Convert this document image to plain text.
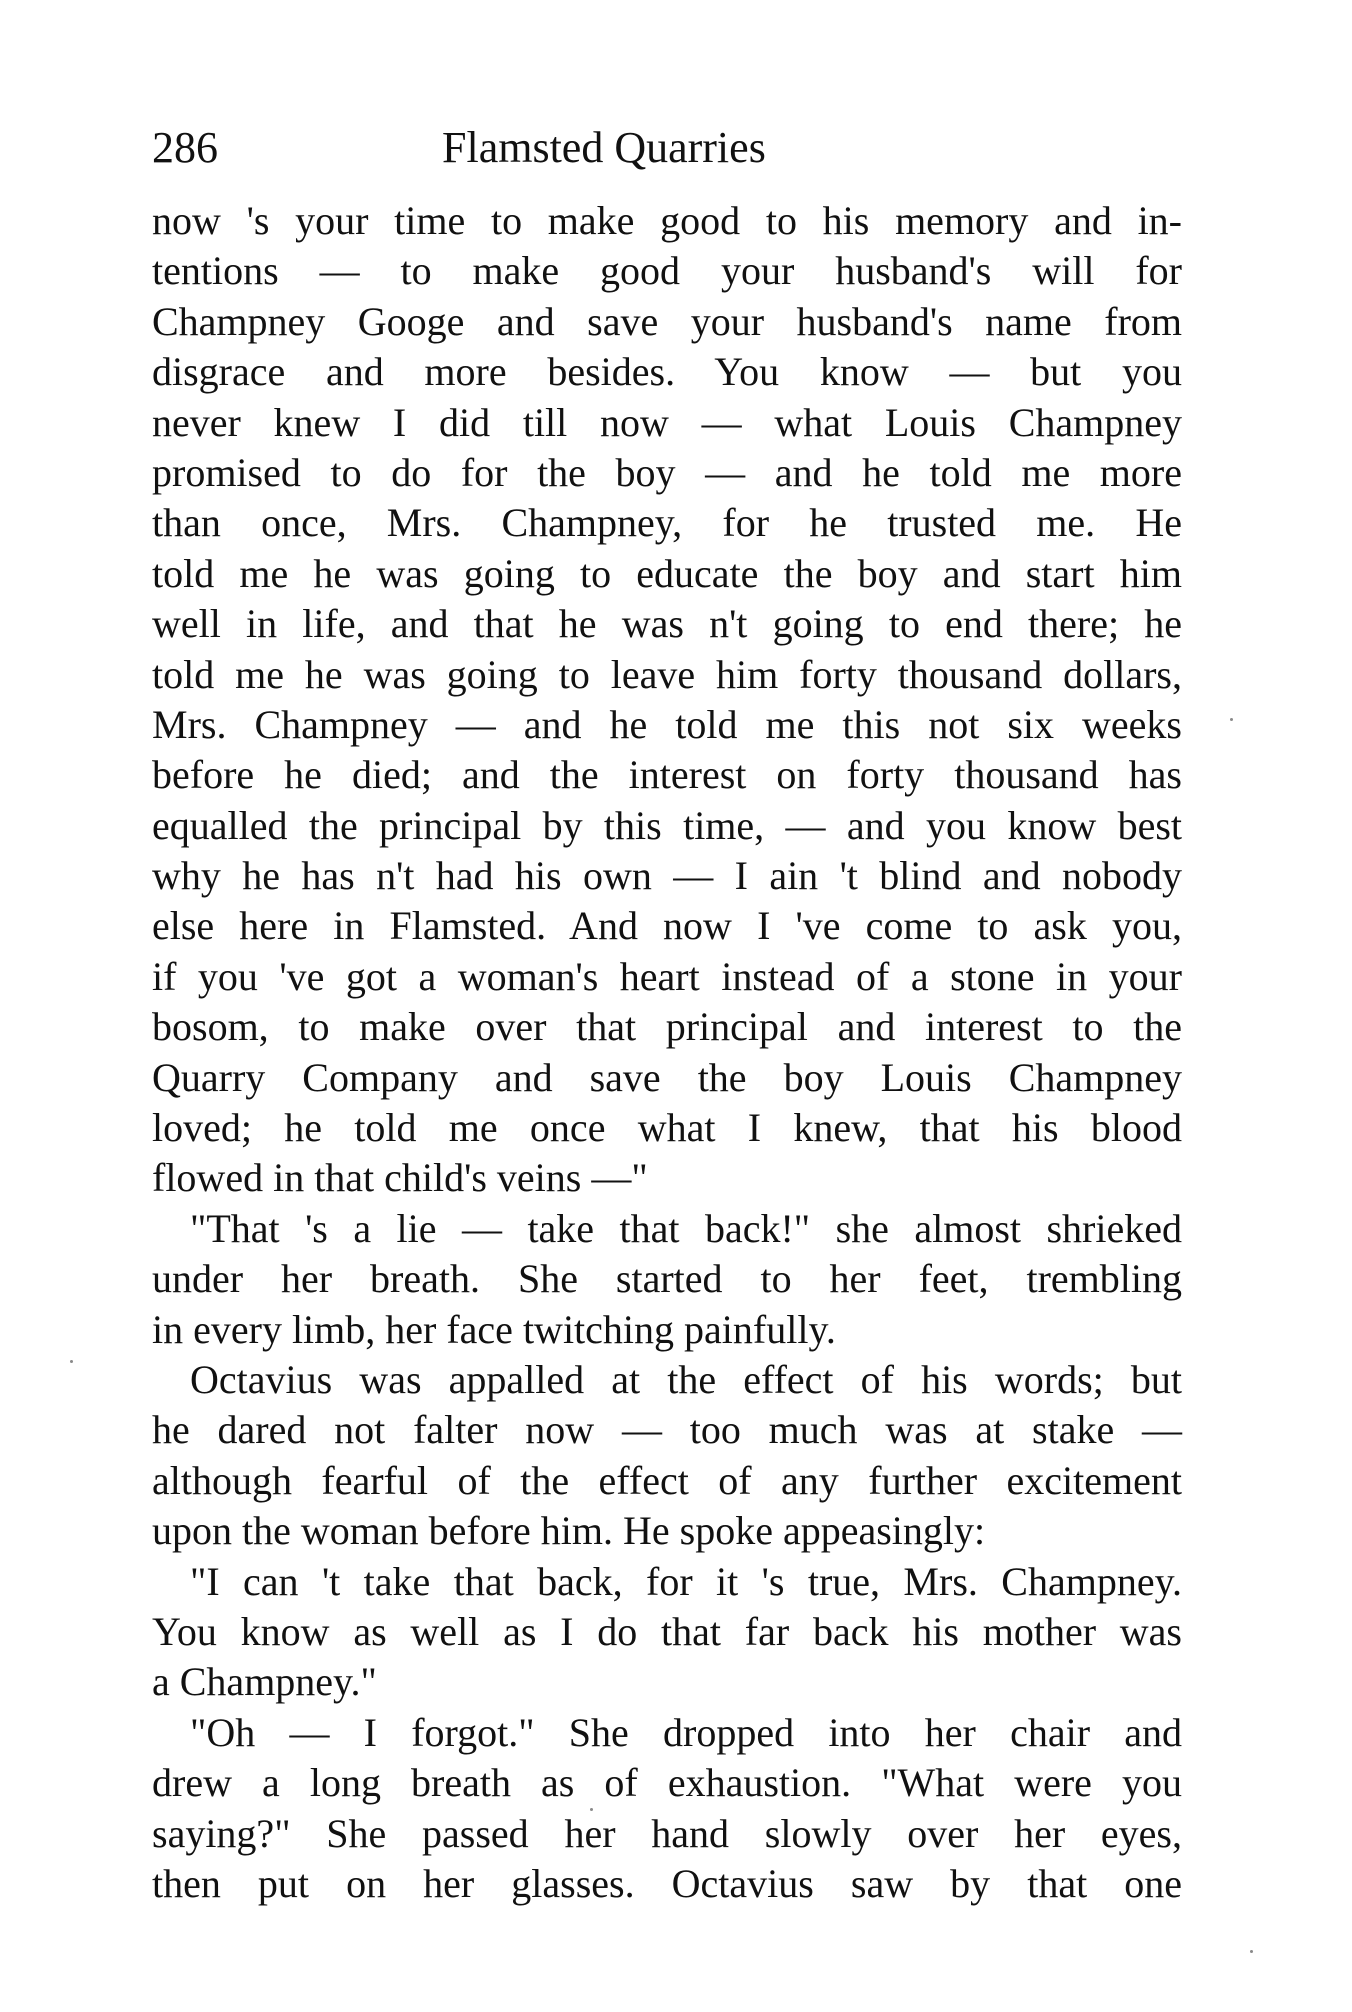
286	Flamsted Quarries
now 's your time to make good to his memory and in-
tentions — to make good your husband's will for
Champney Googe and save your husband's name from
disgrace and more besides. You know — but you
never knew I did till now — what Louis Champney
promised to do for the boy — and he told me more
than once, Mrs. Champney, for he trusted me. He
told me he was going to educate the boy and start him
well in life, and that he was n't going to end there; he
told me he was going to leave him forty thousand dollars,
Mrs. Champney — and he told me this not six weeks
before he died; and the interest on forty thousand has
equalled the principal by this time, — and you know best
why he has n't had his own — I ain 't blind and nobody
else here in Flamsted. And now I 've come to ask you,
if you 've got a woman's heart instead of a stone in your
bosom, to make over that principal and interest to the
Quarry Company and save the boy Louis Champney
loved; he told me once what I knew, that his blood
flowed in that child's veins —"
"That 's a lie — take that back!" she almost shrieked
under her breath. She started to her feet, trembling
in every limb, her face twitching painfully.
Octavius was appalled at the effect of his words; but
he dared not falter now — too much was at stake —
although fearful of the effect of any further excitement
upon the woman before him. He spoke appeasingly:
"I can 't take that back, for it 's true, Mrs. Champney.
You know as well as I do that far back his mother was
a Champney."
"Oh — I forgot." She dropped into her chair and
drew a long breath as of exhaustion. "What were you
saying?" She passed her hand slowly over her eyes,
then put on her glasses. Octavius saw by that one
